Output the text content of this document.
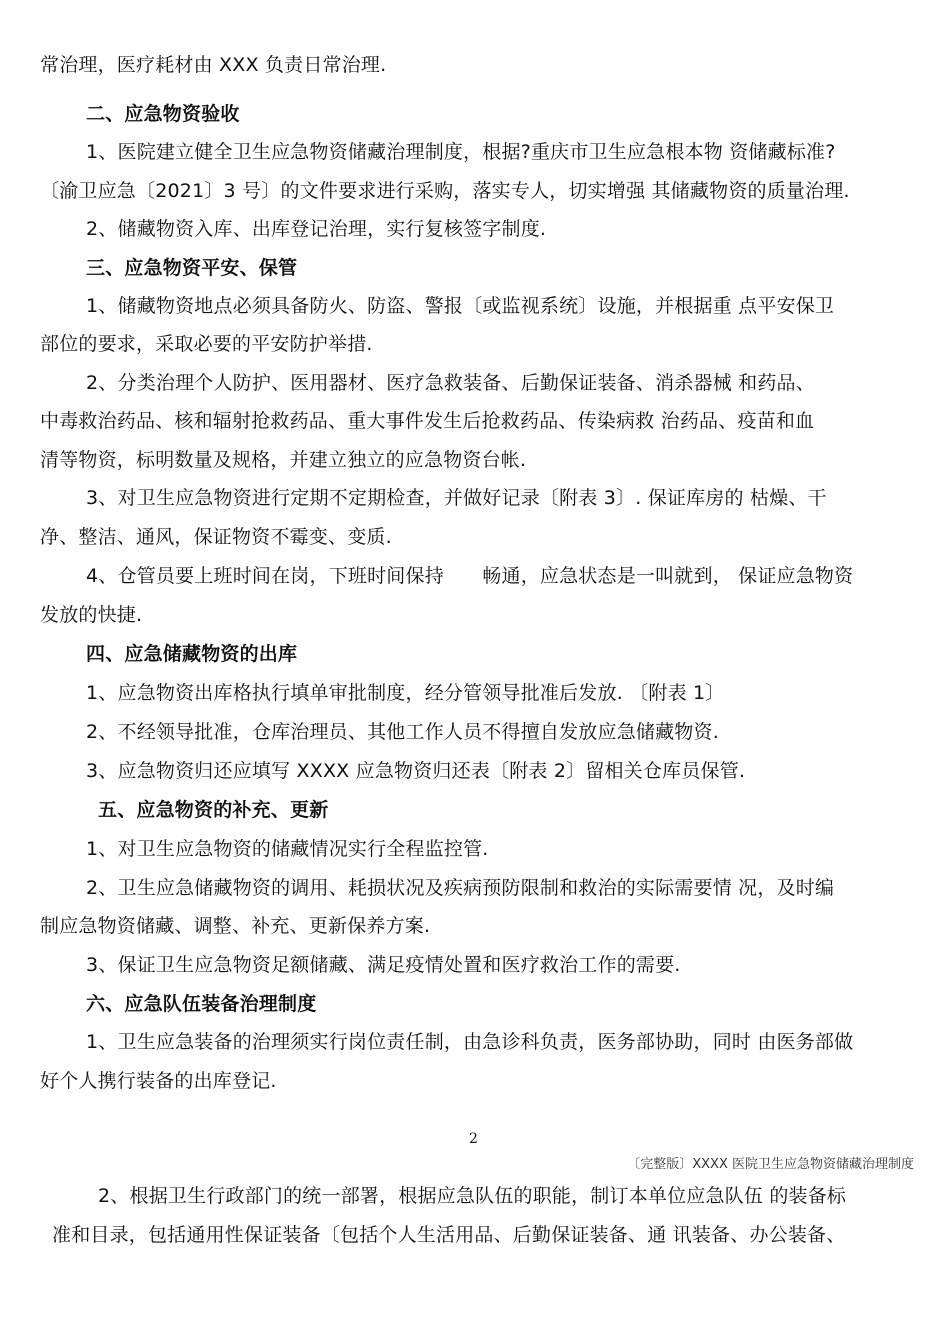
常治理，医疗耗材由 XXX 负责日常治理.
二、应急物资验收
1、医院建立健全卫生应急物资储藏治理制度，根据?重庆市卫生应急根本物 资储藏标准?
〔渝卫应急〔2021〕3 号〕的文件要求进行采购，落实专人，切实增强 其储藏物资的质量治理.
2、储藏物资入库、出库登记治理，实行复核签字制度.
三、应急物资平安、保管
1、储藏物资地点必须具备防火、防盗、警报〔或监视系统〕设施，并根据重 点平安保卫
部位的要求，采取必要的平安防护举措.
2、分类治理个人防护、医用器材、医疗急救装备、后勤保证装备、消杀器械 和药品、
中毒救治药品、核和辐射抢救药品、重大事件发生后抢救药品、传染病救 治药品、疫苗和血
清等物资，标明数量及规格，并建立独立的应急物资台帐.
3、对卫生应急物资进行定期不定期检查，并做好记录〔附表 3〕. 保证库房的 枯燥、干
净、整洁、通风，保证物资不霉变、变质.
4、仓管员要上班时间在岗，下班时间保持　　畅通，应急状态是一叫就到， 保证应急物资
发放的快捷.
四、应急储藏物资的出库
1、应急物资出库格执行填单审批制度，经分管领导批准后发放. 〔附表 1〕
2、不经领导批准，仓库治理员、其他工作人员不得擅自发放应急储藏物资.
3、应急物资归还应填写 XXXX 应急物资归还表〔附表 2〕留相关仓库员保管.
五、应急物资的补充、更新
1、对卫生应急物资的储藏情况实行全程监控管.
2、卫生应急储藏物资的调用、耗损状况及疾病预防限制和救治的实际需要情 况，及时编
制应急物资储藏、调整、补充、更新保养方案.
3、保证卫生应急物资足额储藏、满足疫情处置和医疗救治工作的需要.
六、应急队伍装备治理制度
1、卫生应急装备的治理须实行岗位责任制，由急诊科负责，医务部协助，同时 由医务部做
好个人携行装备的出库登记.
2
〔完整版〕XXXX 医院卫生应急物资储藏治理制度
2、根据卫生行政部门的统一部署，根据应急队伍的职能，制订本单位应急队伍 的装备标
准和目录，包括通用性保证装备〔包括个人生活用品、后勤保证装备、通 讯装备、办公装备、
